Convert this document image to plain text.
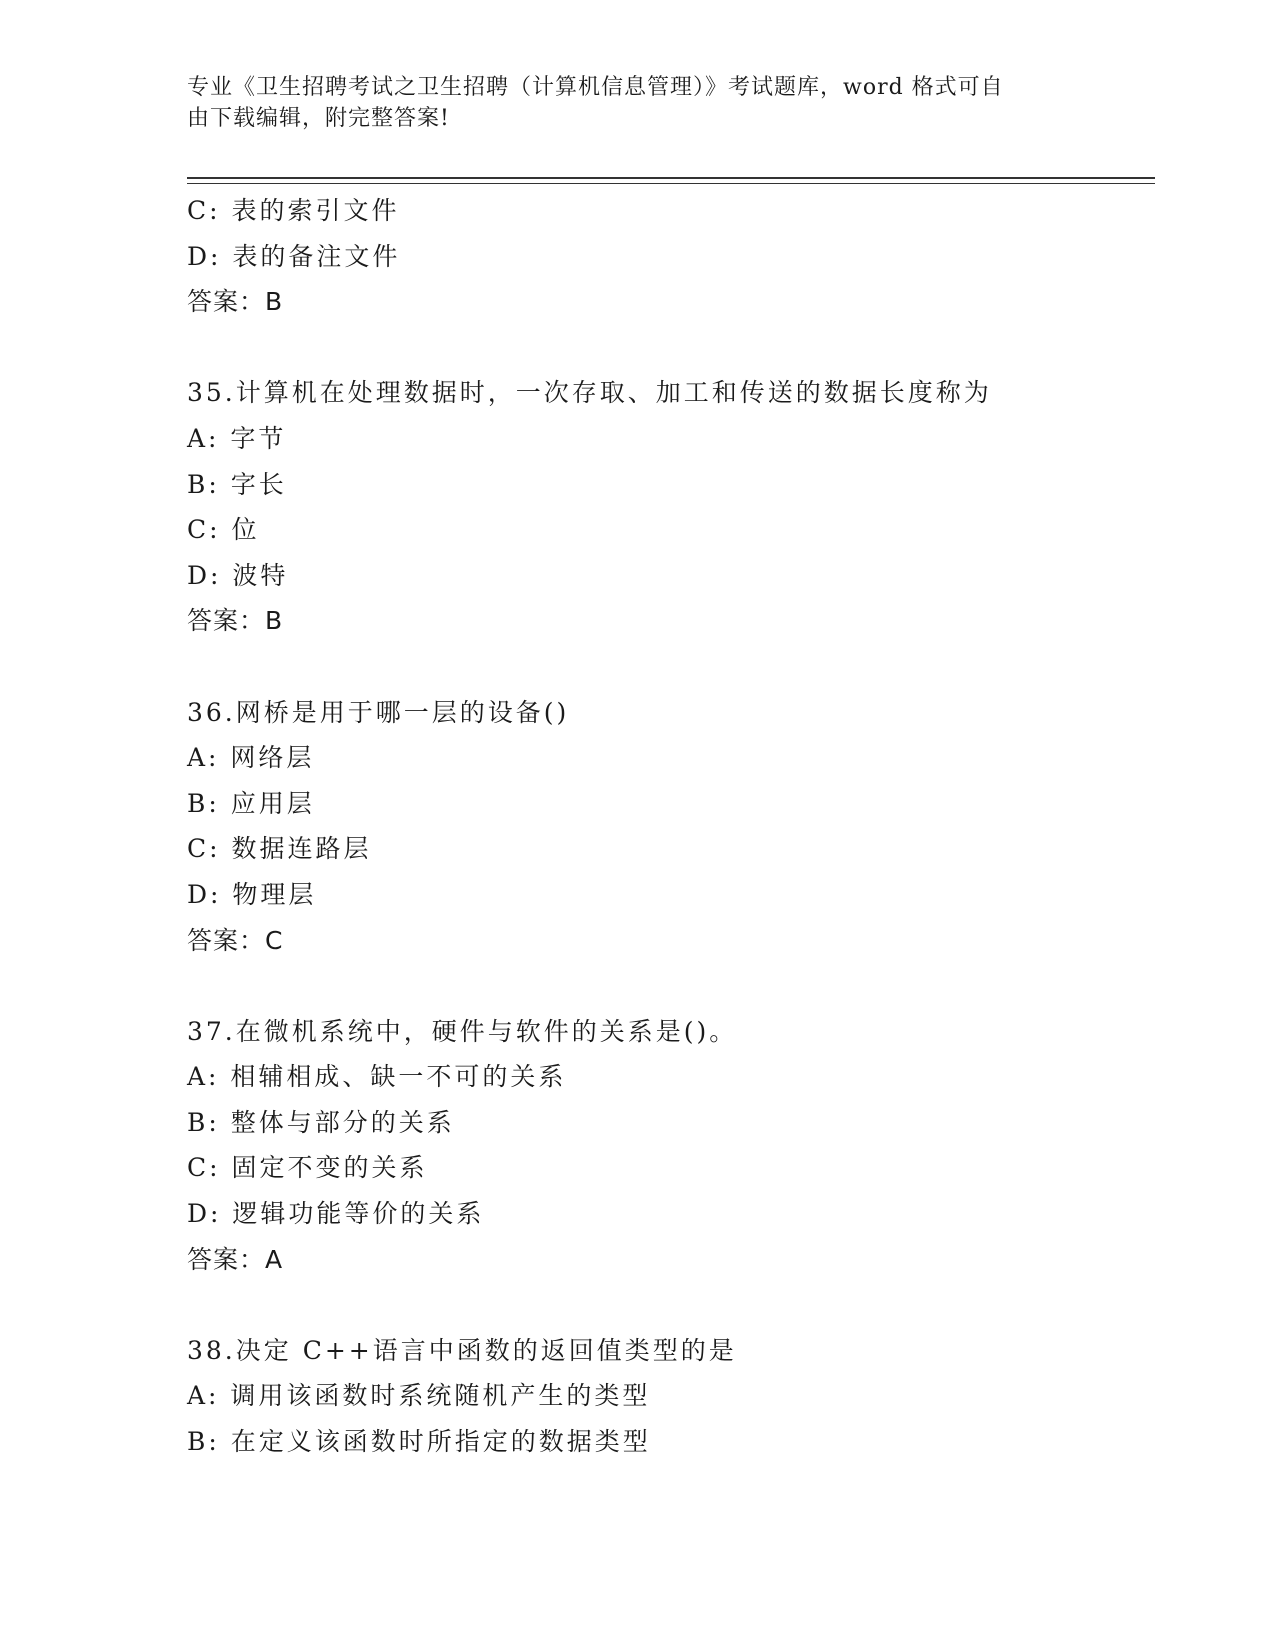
专业《卫生招聘考试之卫生招聘（计算机信息管理）》考试题库，word 格式可自
由下载编辑，附完整答案!
C: 表的索引文件
D: 表的备注文件
答案：B
35.计算机在处理数据时，一次存取、加工和传送的数据长度称为
A: 字节
B: 字长
C: 位
D: 波特
答案：B
36.网桥是用于哪一层的设备()
A: 网络层
B: 应用层
C: 数据连路层
D: 物理层
答案：C
37.在微机系统中，硬件与软件的关系是()。
A: 相辅相成、缺一不可的关系
B: 整体与部分的关系
C: 固定不变的关系
D: 逻辑功能等价的关系
答案：A
38.决定 C++语言中函数的返回值类型的是
A: 调用该函数时系统随机产生的类型
B: 在定义该函数时所指定的数据类型
